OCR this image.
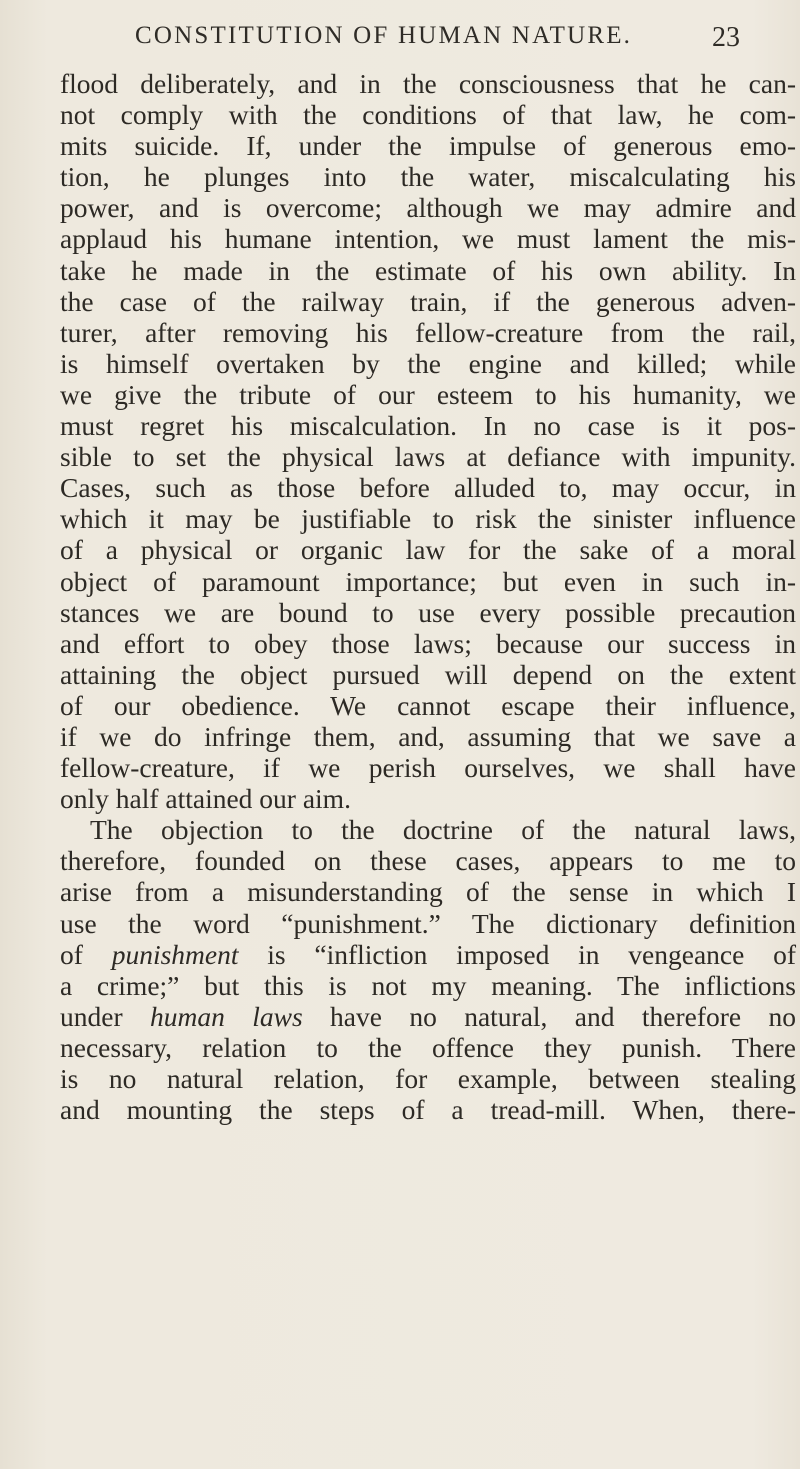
CONSTITUTION OF HUMAN NATURE.	23
flood deliberately, and in the consciousness that he can-
not comply with the conditions of that law, he com-
mits suicide. If, under the impulse of generous emo-
tion, he plunges into the water, miscalculating his
power, and is overcome; although we may admire and
applaud his humane intention, we must lament the mis-
take he made in the estimate of his own ability. In
the case of the railway train, if the generous adven-
turer, after removing his fellow-creature from the rail,
is himself overtaken by the engine and killed; while
we give the tribute of our esteem to his humanity, we
must regret his miscalculation. In no case is it pos-
sible to set the physical laws at defiance with impunity.
Cases, such as those before alluded to, may occur, in
which it may be justifiable to risk the sinister influence
of a physical or organic law for the sake of a moral
object of paramount importance; but even in such in-
stances we are bound to use every possible precaution
and effort to obey those laws; because our success in
attaining the object pursued will depend on the extent
of our obedience. We cannot escape their influence,
if we do infringe them, and, assuming that we save a
fellow-creature, if we perish ourselves, we shall have
only half attained our aim.
The objection to the doctrine of the natural laws,
therefore, founded on these cases, appears to me to
arise from a misunderstanding of the sense in which I
use the word “punishment.” The dictionary definition
of punishment is “infliction imposed in vengeance of
a crime;” but this is not my meaning. The inflictions
under human laws have no natural, and therefore no
necessary, relation to the offence they punish. There
is no natural relation, for example, between stealing
and mounting the steps of a tread-mill. When, there-
